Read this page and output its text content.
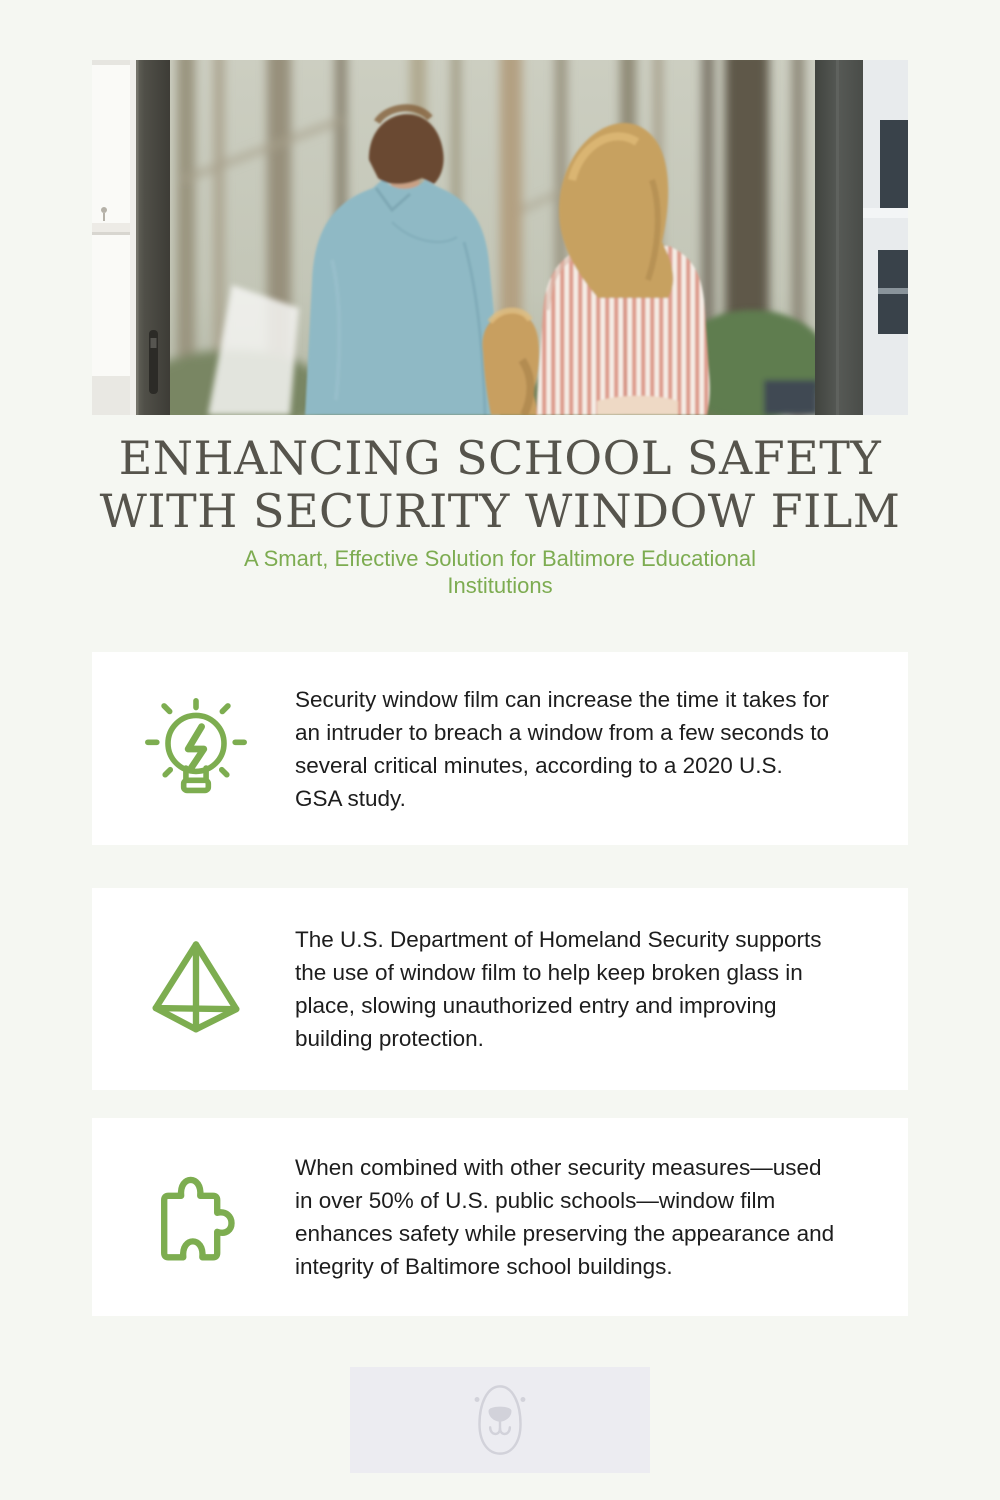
ENHANCING SCHOOL SAFETY
WITH SECURITY WINDOW FILM

A Smart, Effective Solution for Baltimore Educational Institutions

Security window film can increase the time it takes for an intruder to breach a window from a few seconds to several critical minutes, according to a 2020 U.S. GSA study.

The U.S. Department of Homeland Security supports the use of window film to help keep broken glass in place, slowing unauthorized entry and improving building protection.

When combined with other security measures—used in over 50% of U.S. public schools—window film enhances safety while preserving the appearance and integrity of Baltimore school buildings.
